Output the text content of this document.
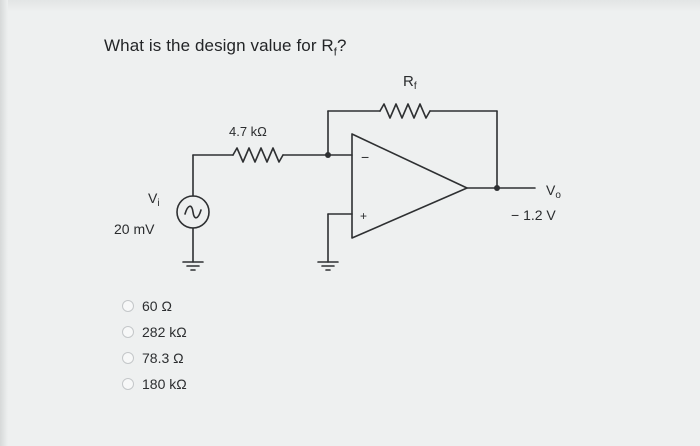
What is the design value for $R_f$?
−
+
$R_f$
4.7 kΩ
$V_i$
20 mV
$V_o$
− 1.2 V
60 Ω
282 kΩ
78.3 Ω
180 kΩ
